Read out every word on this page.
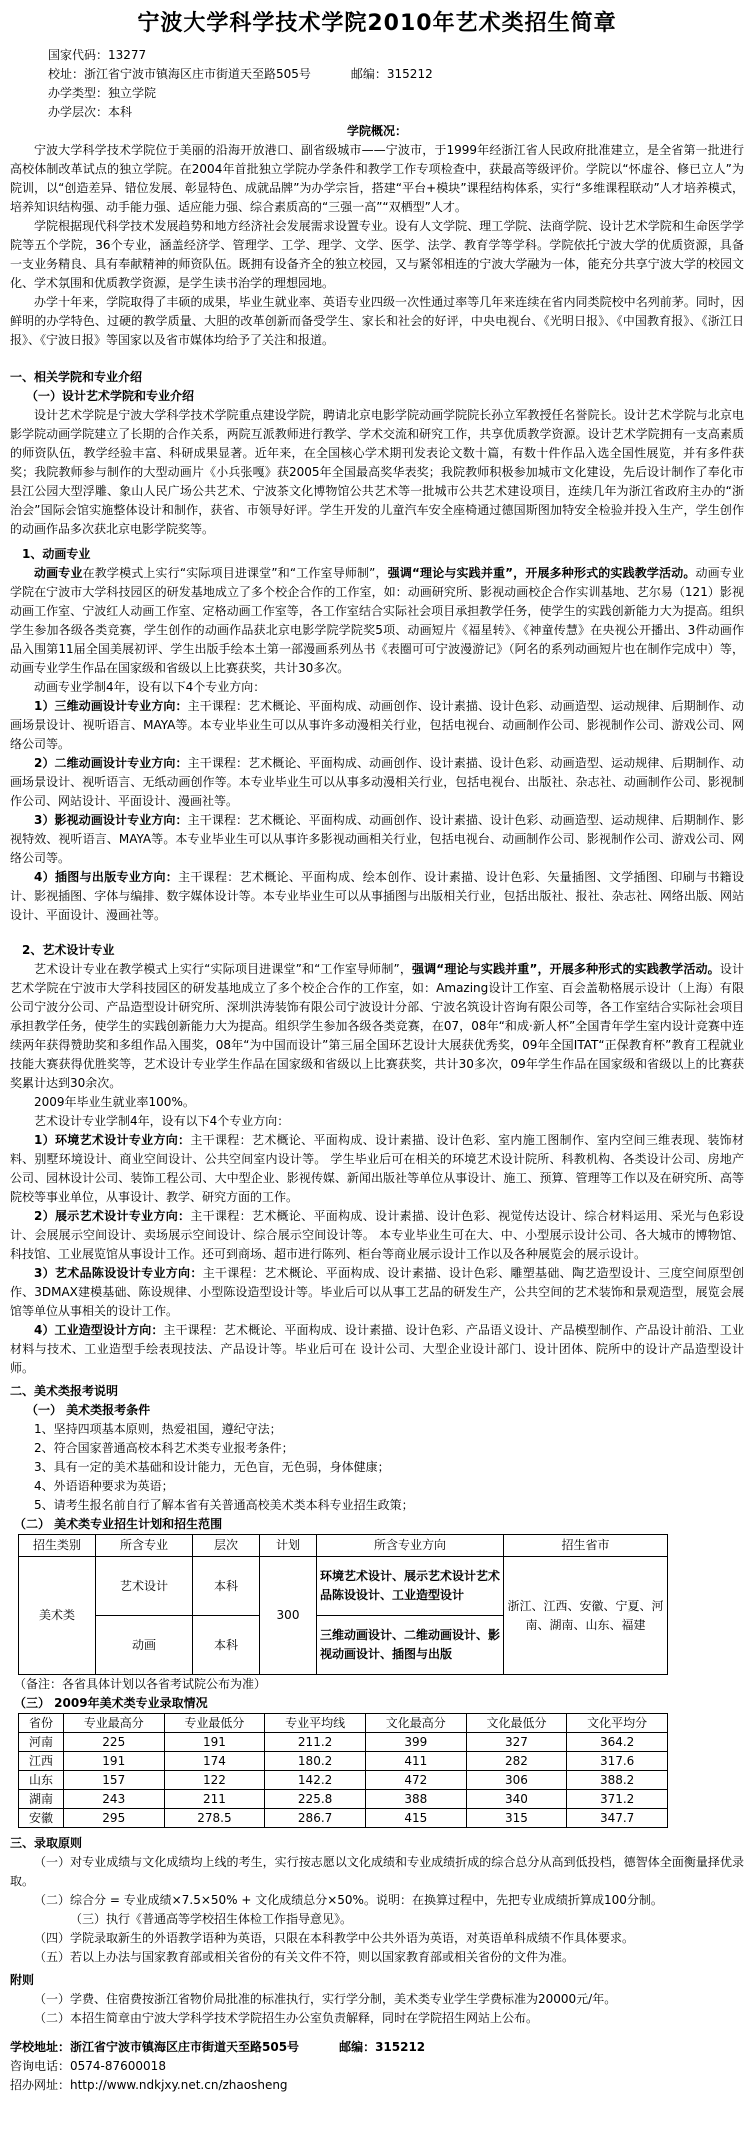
宁波大学科学技术学院2010年艺术类招生简章
国家代码：13277
校址：浙江省宁波市镇海区庄市街道天至路505号	邮编：315212
办学类型：独立学院
办学层次：本科
学院概况：

宁波大学科学技术学院位于美丽的沿海开放港口、副省级城市——宁波市，于1999年经浙江省人民政府批准建立，是全省第一批进行高校体制改革试点的独立学院。在2004年首批独立学院办学条件和教学工作专项检查中，获最高等级评价。学院以“怀虚谷、修已立人”为院训，以“创造差异、错位发展、彰显特色、成就品牌”为办学宗旨，搭建“平台+模块”课程结构体系，实行“多维课程联动”人才培养模式，培养知识结构强、动手能力强、适应能力强、综合素质高的“三强一高”“双栖型”人才。

学院根据现代科学技术发展趋势和地方经济社会发展需求设置专业。设有人文学院、理工学院、法商学院、设计艺术学院和生命医学学院等五个学院，36个专业，涵盖经济学、管理学、工学、理学、文学、医学、法学、教育学等学科。学院依托宁波大学的优质资源，具备一支业务精良、具有奉献精神的师资队伍。既拥有设备齐全的独立校园，又与紧邻相连的宁波大学融为一体，能充分共享宁波大学的校园文化、学术氛围和优质教学资源，是学生读书治学的理想园地。

办学十年来，学院取得了丰硕的成果，毕业生就业率、英语专业四级一次性通过率等几年来连续在省内同类院校中名列前茅。同时，因鲜明的办学特色、过硬的教学质量、大胆的改革创新而备受学生、家长和社会的好评，中央电视台、《光明日报》、《中国教育报》、《浙江日报》、《宁波日报》等国家以及省市媒体均给予了关注和报道。

一、相关学院和专业介绍
（一）设计艺术学院和专业介绍

设计艺术学院是宁波大学科学技术学院重点建设学院，聘请北京电影学院动画学院院长孙立军教授任名誉院长。设计艺术学院与北京电影学院动画学院建立了长期的合作关系，两院互派教师进行教学、学术交流和研究工作，共享优质教学资源。设计艺术学院拥有一支高素质的师资队伍，教学经验丰富、科研成果显著。近年来，在全国核心学术期刊发表论文数十篇，有数十件作品入选全国性展览，并有多件获奖；我院教师参与制作的大型动画片《小兵张嘎》获2005年全国最高奖华表奖；我院教师积极参加城市文化建设，先后设计制作了奉化市县江公园大型浮雕、象山人民广场公共艺术、宁波茶文化博物馆公共艺术等一批城市公共艺术建设项目，连续几年为浙江省政府主办的“浙治会”国际会馆实施整体设计和制作，获省、市领导好评。学生开发的儿童汽车安全座椅通过德国斯图加特安全检验并投入生产，学生创作的动画作品多次获北京电影学院奖等。

1、动画专业

动画专业在教学模式上实行“实际项目进课堂”和“工作室导师制”，强调“理论与实践并重”，开展多种形式的实践教学活动。动画专业学院在宁波市大学科技园区的研发基地成立了多个校企合作的工作室，如：动画研究所、影视动画校企合作实训基地、艺尔易（121）影视动画工作室、宁波红人动画工作室、定格动画工作室等，各工作室结合实际社会项目承担教学任务，使学生的实践创新能力大为提高。组织学生参加各级各类竞赛，学生创作的动画作品获北京电影学院学院奖5项、动画短片《福星转》、《神童传慧》在央视公开播出、3件动画作品入围第11届全国美展初评、学生出版手绘本土第一部漫画系列丛书《表圈可可宁波漫游记》（阿名的系列动画短片也在制作完成中）等，动画专业学生作品在国家级和省级以上比赛获奖，共计30多次。

动画专业学制4年，设有以下4个专业方向：

1）三维动画设计专业方向：主干课程：艺术概论、平面构成、动画创作、设计素描、设计色彩、动画造型、运动规律、后期制作、动画场景设计、视听语言、MAYA等。本专业毕业生可以从事许多动漫相关行业，包括电视台、动画制作公司、影视制作公司、游戏公司、网络公司等。

2）二维动画设计专业方向：主干课程：艺术概论、平面构成、动画创作、设计素描、设计色彩、动画造型、运动规律、后期制作、动画场景设计、视听语言、无纸动画创作等。本专业毕业生可以从事多动漫相关行业，包括电视台、出版社、杂志社、动画制作公司、影视制作公司、网站设计、平面设计、漫画社等。

3）影视动画设计专业方向：主干课程：艺术概论、平面构成、动画创作、设计素描、设计色彩、动画造型、运动规律、后期制作、影视特效、视听语言、MAYA等。本专业毕业生可以从事许多影视动画相关行业，包括电视台、动画制作公司、影视制作公司、游戏公司、网络公司等。

4）插图与出版专业方向：主干课程：艺术概论、平面构成、绘本创作、设计素描、设计色彩、矢量插图、文学插图、印刷与书籍设计、影视插图、字体与编排、数字媒体设计等。本专业毕业生可以从事插图与出版相关行业，包括出版社、报社、杂志社、网络出版、网站设计、平面设计、漫画社等。

2、艺术设计专业

艺术设计专业在教学模式上实行“实际项目进课堂”和“工作室导师制”，强调“理论与实践并重”，开展多种形式的实践教学活动。设计艺术学院在宁波市大学科技园区的研发基地成立了多个校企合作的工作室，如：Amazing设计工作室、百会盖勒格展示设计（上海）有限公司宁波分公司、产品造型设计研究所、深圳洪涛装饰有限公司宁波设计分部、宁波名筑设计咨询有限公司等，各工作室结合实际社会项目承担教学任务，使学生的实践创新能力大为提高。组织学生参加各级各类竞赛，在07，08年“和成·新人杯”全国青年学生室内设计竞赛中连续两年获得赞助奖和多组作品入围奖，08年“为中国而设计”第三届全国环艺设计大展获优秀奖，09年全国ITAT“正保教育杯”教育工程就业技能大赛获得优胜奖等，艺术设计专业学生作品在国家级和省级以上比赛获奖，共计30多次，09年学生作品在国家级和省级以上的比赛获奖累计达到30余次。

2009年毕业生就业率100%。

艺术设计专业学制4年，设有以下4个专业方向：

1）环境艺术设计专业方向：主干课程：艺术概论、平面构成、设计素描、设计色彩、室内施工图制作、室内空间三维表现、装饰材料、别墅环境设计、商业空间设计、公共空间室内设计等。 学生毕业后可在相关的环境艺术设计院所、科教机构、各类设计公司、房地产公司、园林设计公司、装饰工程公司、大中型企业、影视传媒、新闻出版社等单位从事设计、施工、预算、管理等工作以及在研究所、高等院校等事业单位，从事设计、教学、研究方面的工作。

2）展示艺术设计专业方向：主干课程：艺术概论、平面构成、设计素描、设计色彩、视觉传达设计、综合材料运用、采光与色彩设计、会展展示空间设计、卖场展示空间设计、综合展示空间设计等。 本专业毕业生可在大、中、小型展示设计公司、各大城市的博物馆、科技馆、工业展览馆从事设计工作。还可到商场、超市进行陈列、柜台等商业展示设计工作以及各种展览会的展示设计。

3）艺术品陈设设计专业方向：主干课程：艺术概论、平面构成、设计素描、设计色彩、雕塑基础、陶艺造型设计、三度空间原型创作、3DMAX建模基础、陈设规律、小型陈设造型设计等。毕业后可以从事工艺品的研发生产，公共空间的艺术装饰和景观造型，展览会展馆等单位从事相关的设计工作。

4）工业造型设计方向：主干课程：艺术概论、平面构成、设计素描、设计色彩、产品语义设计、产品模型制作、产品设计前沿、工业材料与技术、工业造型手绘表现技法、产品设计等。毕业后可在 设计公司、大型企业设计部门、设计团体、院所中的设计产品造型设计师。

二、美术类报考说明
（一） 美术类报考条件
1、坚持四项基本原则，热爱祖国，遵纪守法；
2、符合国家普通高校本科艺术类专业报考条件；
3、具有一定的美术基础和设计能力，无色盲，无色弱，身体健康；
4、外语语种要求为英语；
5、请考生报名前自行了解本省有关普通高校美术类本科专业招生政策；
（二） 美术类专业招生计划和招生范围
招生类别	所含专业	层次	计划	所含专业方向	招生省市
美术类	艺术设计	本科	300	环境艺术设计、展示艺术设计艺术品陈设设计、工业造型设计	浙江、江西、安徽、宁夏、河南、湖南、山东、福建
	动画	本科		三维动画设计、二维动画设计、影视动画设计、插图与出版	
（备注：各省具体计划以各省考试院公布为准）
（三） 2009年美术类专业录取情况
省份	专业最高分	专业最低分	专业平均线	文化最高分	文化最低分	文化平均分
河南	225	191	211.2	399	327	364.2
江西	191	174	180.2	411	282	317.6
山东	157	122	142.2	472	306	388.2
湖南	243	211	225.8	388	340	371.2
安徽	295	278.5	286.7	415	315	347.7
三、录取原则

（一）对专业成绩与文化成绩均上线的考生，实行按志愿以文化成绩和专业成绩折成的综合总分从高到低投档，德智体全面衡量择优录取。

（二）综合分 = 专业成绩×7.5×50% + 文化成绩总分×50%。说明：在换算过程中，先把专业成绩折算成100分制。

（三）执行《普通高等学校招生体检工作指导意见》。

（四）学院录取新生的外语教学语种为英语，只限在本科教学中公共外语为英语，对英语单科成绩不作具体要求。

（五）若以上办法与国家教育部或相关省份的有关文件不符，则以国家教育部或相关省份的文件为准。

附则

（一）学费、住宿费按浙江省物价局批准的标准执行，实行学分制，美术类专业学生学费标准为20000元/年。

（二）本招生简章由宁波大学科学技术学院招生办公室负责解释，同时在学院招生网站上公布。

学校地址：浙江省宁波市镇海区庄市街道天至路505号	邮编：315212
咨询电话：0574-87600018
招办网址：http://www.ndkjxy.net.cn/zhaosheng
